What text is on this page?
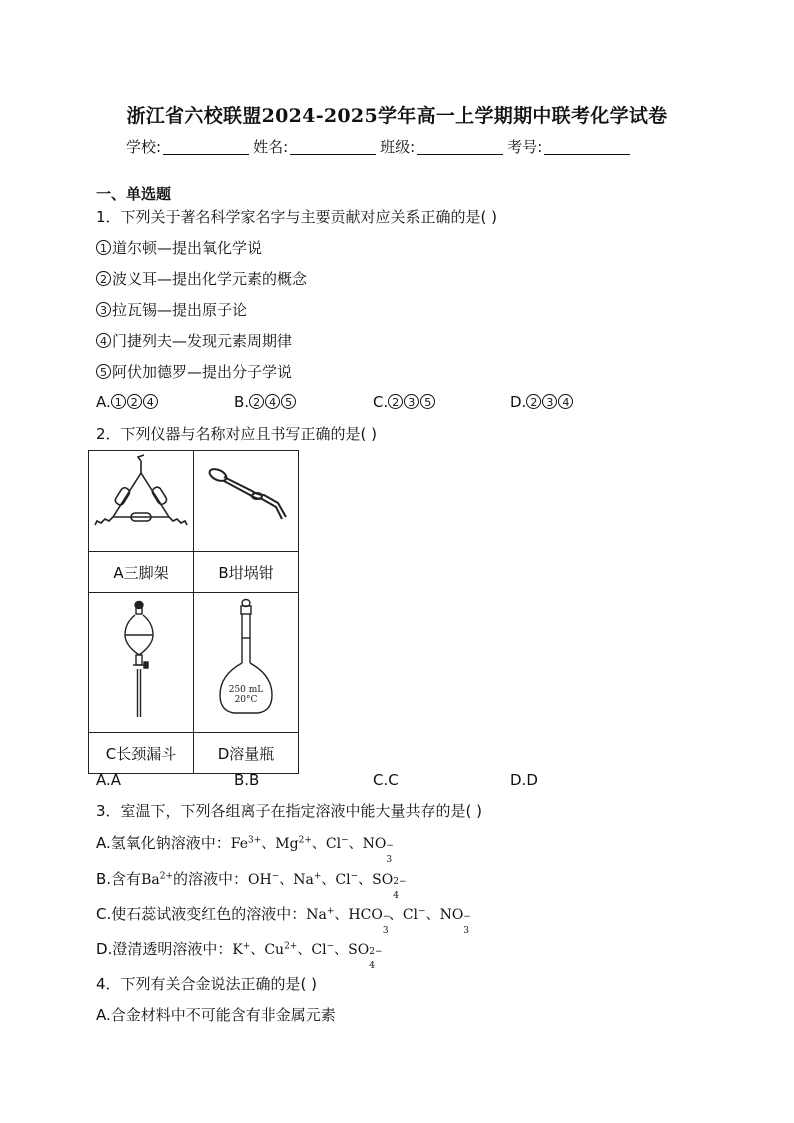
浙江省六校联盟2024-2025学年高一上学期期中联考化学试卷
学校:	姓名:	班级:	考号:
一、单选题
1．下列关于著名科学家名字与主要贡献对应关系正确的是( )
1 道尔顿—提出氧化学说
2 波义耳—提出化学元素的概念
3 拉瓦锡—提出原子论
4 门捷列夫—发现元素周期律
5 阿伏加德罗—提出分子学说
A. 1 2 4	B. 2 4 5	C. 2 3 5	D. 2 3 4
2．下列仪器与名称对应且书写正确的是( )

A三脚架	B坩埚钳

250 mL
20°C

C长颈漏斗	D溶量瓶
A.A	B.B	C.C	D.D
3．室温下，下列各组离子在指定溶液中能大量共存的是( )
A.氢氧化钠溶液中：$Fe^{3+}$、$Mg^{2+}$、Cl−、NO −
3
B.含有$Ba^{2+}$的溶液中：OH−、Na+、Cl−、SO 2−
4
C.使石蕊试液变红色的溶液中：Na+、HCO −
3
、Cl−、NO −
3
D.澄清透明溶液中：K+、$Cu^{2+}$、Cl−、SO 2−
4
4．下列有关合金说法正确的是( )
A.合金材料中不可能含有非金属元素
